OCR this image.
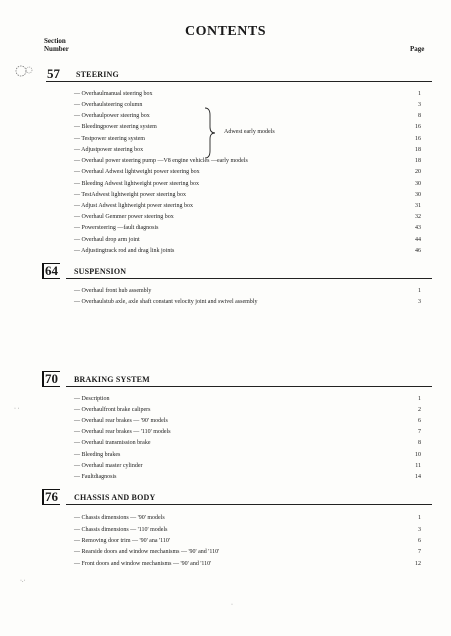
CONTENTS
Section
Number	Page
57 STEERING
— Overhaulmanual steering box
— Overhaulsteering column
— Overhaulpower steering box
— Bleedingpower steering system
— Testpower steering system
— Adjustpower steering box
— Overhaul power steering pump —V8 engine vehicles —early models
— Overhaul Adwest lightweight power steering box
— Bleeding Adwest lightweight power steering box
— TestAdwest lightweight power steering box
— Adjust Adwest lightweight power steering box
— Overhaul Gemmer power steering box
— Powersteering —fault diagnosis
— Overhaul drop arm joint
— Adjustingtrack rod and drag link joints
1
3
8
16
16
18
18
20
30
30
31
32
43
44
46
Adwest early models
64 SUSPENSION
— Overhaul front hub assembly
— Overhaulstub axle, axle shaft constant velocity joint and swivel assembly
1
3
70 BRAKING SYSTEM
— Description
— Overhaulfront brake calipers
— Overhaul rear brakes — '90' models
— Overhaul rear brakes — '110' models
— Overhaul transmission brake
— Bleeding brakes
— Overhaul master cylinder
— Faultdiagnosis
1
2
6
7
8
10
11
14
76 CHASSIS AND BODY
— Chassis dimensions — '90' models
— Chassis dimensions — '110' models
— Removing door trim — '90' ana '110'
— Rearside doors and window mechanisms — '90' and '110'
— Front doors and window mechanisms — '90' and '110'
1
3
6
7
12
· ·
·.·
·
